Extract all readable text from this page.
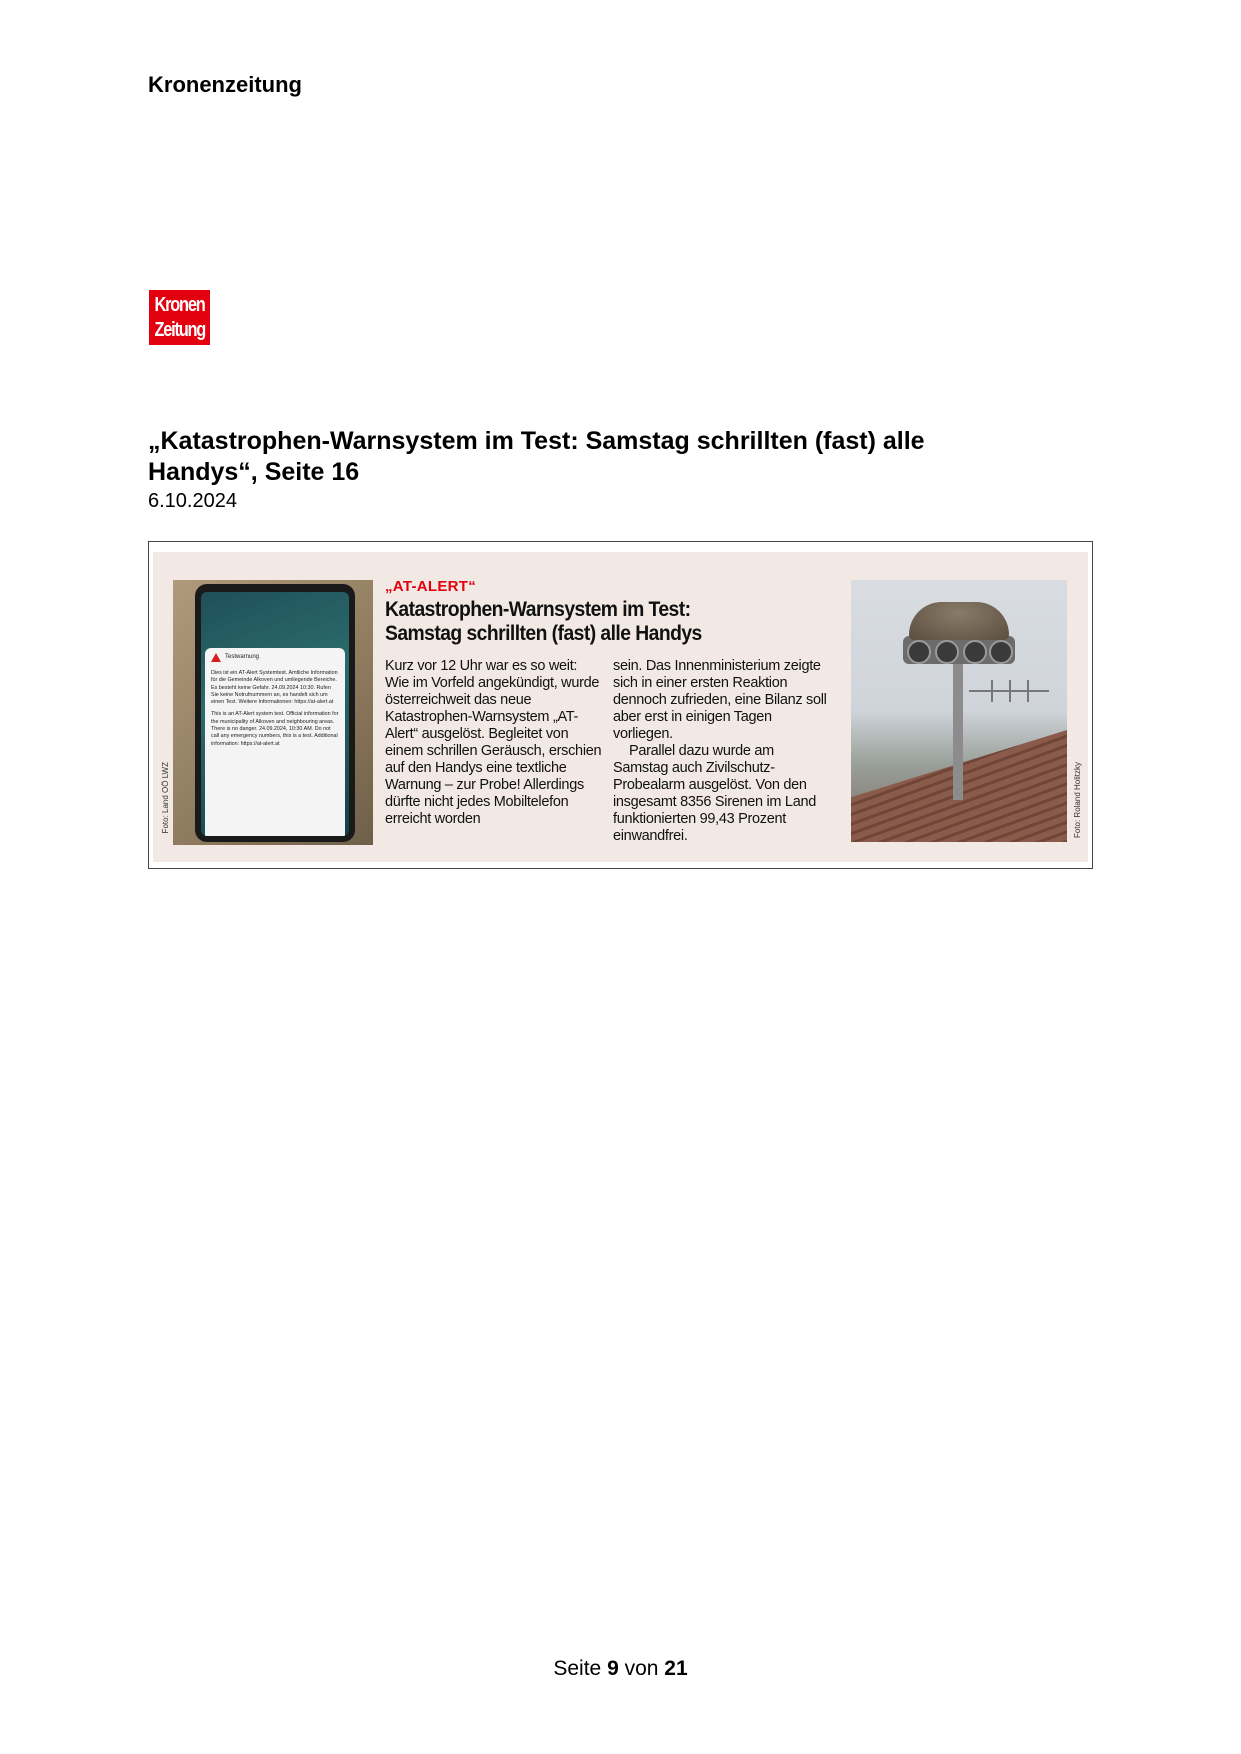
Kronenzeitung
Kronen
Zeitung
„Katastrophen-Warnsystem im Test: Samstag schrillten (fast) alle
Handys“, Seite 16
6.10.2024
Foto: Land OÖ LWZ
Testwarnung

Dies ist ein AT-Alert Systemtest. Amtliche Information für die Gemeinde Alkoven und umliegende Bereiche. Es besteht keine Gefahr. 24.09.2024 10:30. Rufen Sie keine Notrufnummern an, es handelt sich um einen Test. Weitere Informationen: https://at-alert.at

This is an AT-Alert system test. Official information for the municipality of Alkoven and neighbouring areas. There is no danger. 24.09.2024, 10:30 AM. Do not call any emergency numbers, this is a test. Additional information: https://at-alert.at

„AT-ALERT“
Katastrophen-Warnsystem im Test:
Samstag schrillten (fast) alle Handys

Kurz vor 12 Uhr war es so weit: Wie im Vorfeld angekündigt, wurde österreichweit das neue Katastrophen-Warnsystem „AT-Alert“ ausgelöst. Begleitet von einem schrillen Geräusch, erschien auf den Handys eine textliche Warnung – zur Probe! Allerdings dürfte nicht jedes Mobiltelefon erreicht worden

sein. Das Innenministerium zeigte sich in einer ersten Reaktion dennoch zufrieden, eine Bilanz soll aber erst in einigen Tagen vorliegen.

Parallel dazu wurde am Samstag auch Zivilschutz-Probealarm ausgelöst. Von den insgesamt 8356 Sirenen im Land funktionierten 99,43 Prozent einwandfrei.	Foto: Roland Holitzky
Seite 9 von 21
